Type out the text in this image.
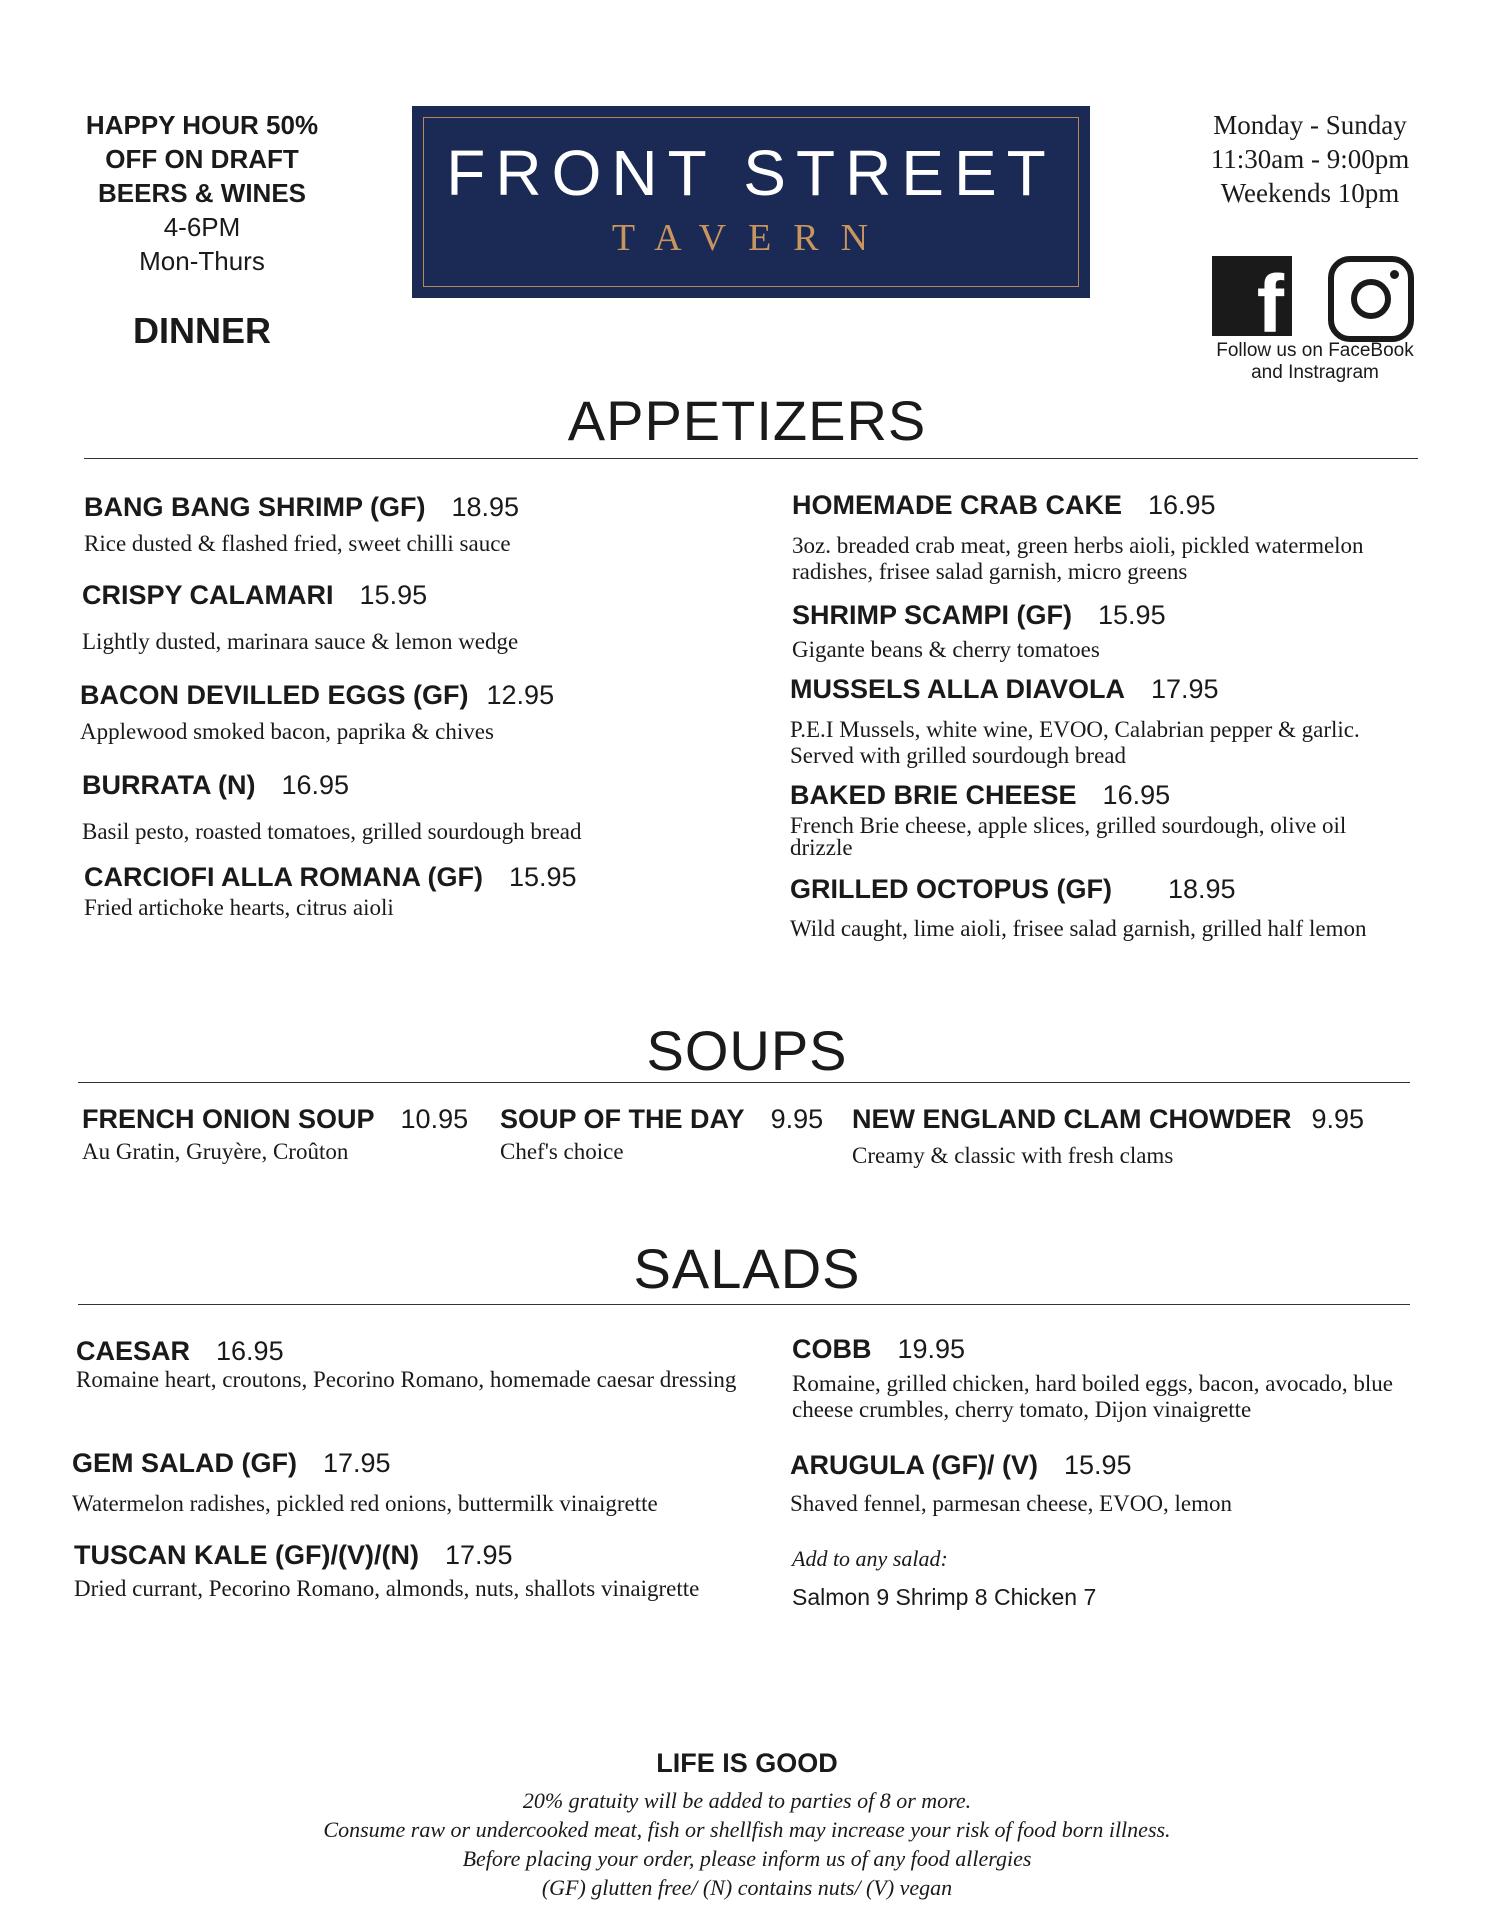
HAPPY HOUR 50%
OFF ON DRAFT
BEERS & WINES
4-6PM
Mon-Thurs
DINNER
FRONT STREET
TAVERN
Monday - Sunday
11:30am - 9:00pm
Weekends 10pm
f
Follow us on FaceBook
and Instragram
APPETIZERS
BANG BANG SHRIMP (GF) 18.95
Rice dusted & flashed fried, sweet chilli sauce
CRISPY CALAMARI 15.95
Lightly dusted, marinara sauce & lemon wedge
BACON DEVILLED EGGS (GF) 12.95
Applewood smoked bacon, paprika & chives
BURRATA (N) 16.95
Basil pesto, roasted tomatoes, grilled sourdough bread
CARCIOFI ALLA ROMANA (GF) 15.95
Fried artichoke hearts, citrus aioli
HOMEMADE CRAB CAKE 16.95
3oz. breaded crab meat, green herbs aioli, pickled watermelon radishes, frisee salad garnish, micro greens
SHRIMP SCAMPI (GF) 15.95
Gigante beans & cherry tomatoes
MUSSELS ALLA DIAVOLA 17.95
P.E.I Mussels, white wine, EVOO, Calabrian pepper & garlic. Served with grilled sourdough bread
BAKED BRIE CHEESE 16.95
French Brie cheese, apple slices, grilled sourdough, olive oil drizzle
GRILLED OCTOPUS (GF) 18.95
Wild caught, lime aioli, frisee salad garnish, grilled half lemon
SOUPS
FRENCH ONION SOUP 10.95
Au Gratin, Gruyère, Croûton
SOUP OF THE DAY 9.95
Chef's choice
NEW ENGLAND CLAM CHOWDER 9.95
Creamy & classic with fresh clams
SALADS
CAESAR 16.95
Romaine heart, croutons, Pecorino Romano, homemade caesar dressing
GEM SALAD (GF) 17.95
Watermelon radishes, pickled red onions, buttermilk vinaigrette
TUSCAN KALE (GF)/(V)/(N) 17.95
Dried currant, Pecorino Romano, almonds, nuts, shallots vinaigrette
COBB 19.95
Romaine, grilled chicken, hard boiled eggs, bacon, avocado, blue cheese crumbles, cherry tomato, Dijon vinaigrette
ARUGULA (GF)/ (V) 15.95
Shaved fennel, parmesan cheese, EVOO, lemon
Add to any salad:
Salmon 9 Shrimp 8 Chicken 7
LIFE IS GOOD
20% gratuity will be added to parties of 8 or more.
Consume raw or undercooked meat, fish or shellfish may increase your risk of food born illness.
Before placing your order, please inform us of any food allergies
(GF) glutten free/ (N) contains nuts/ (V) vegan
